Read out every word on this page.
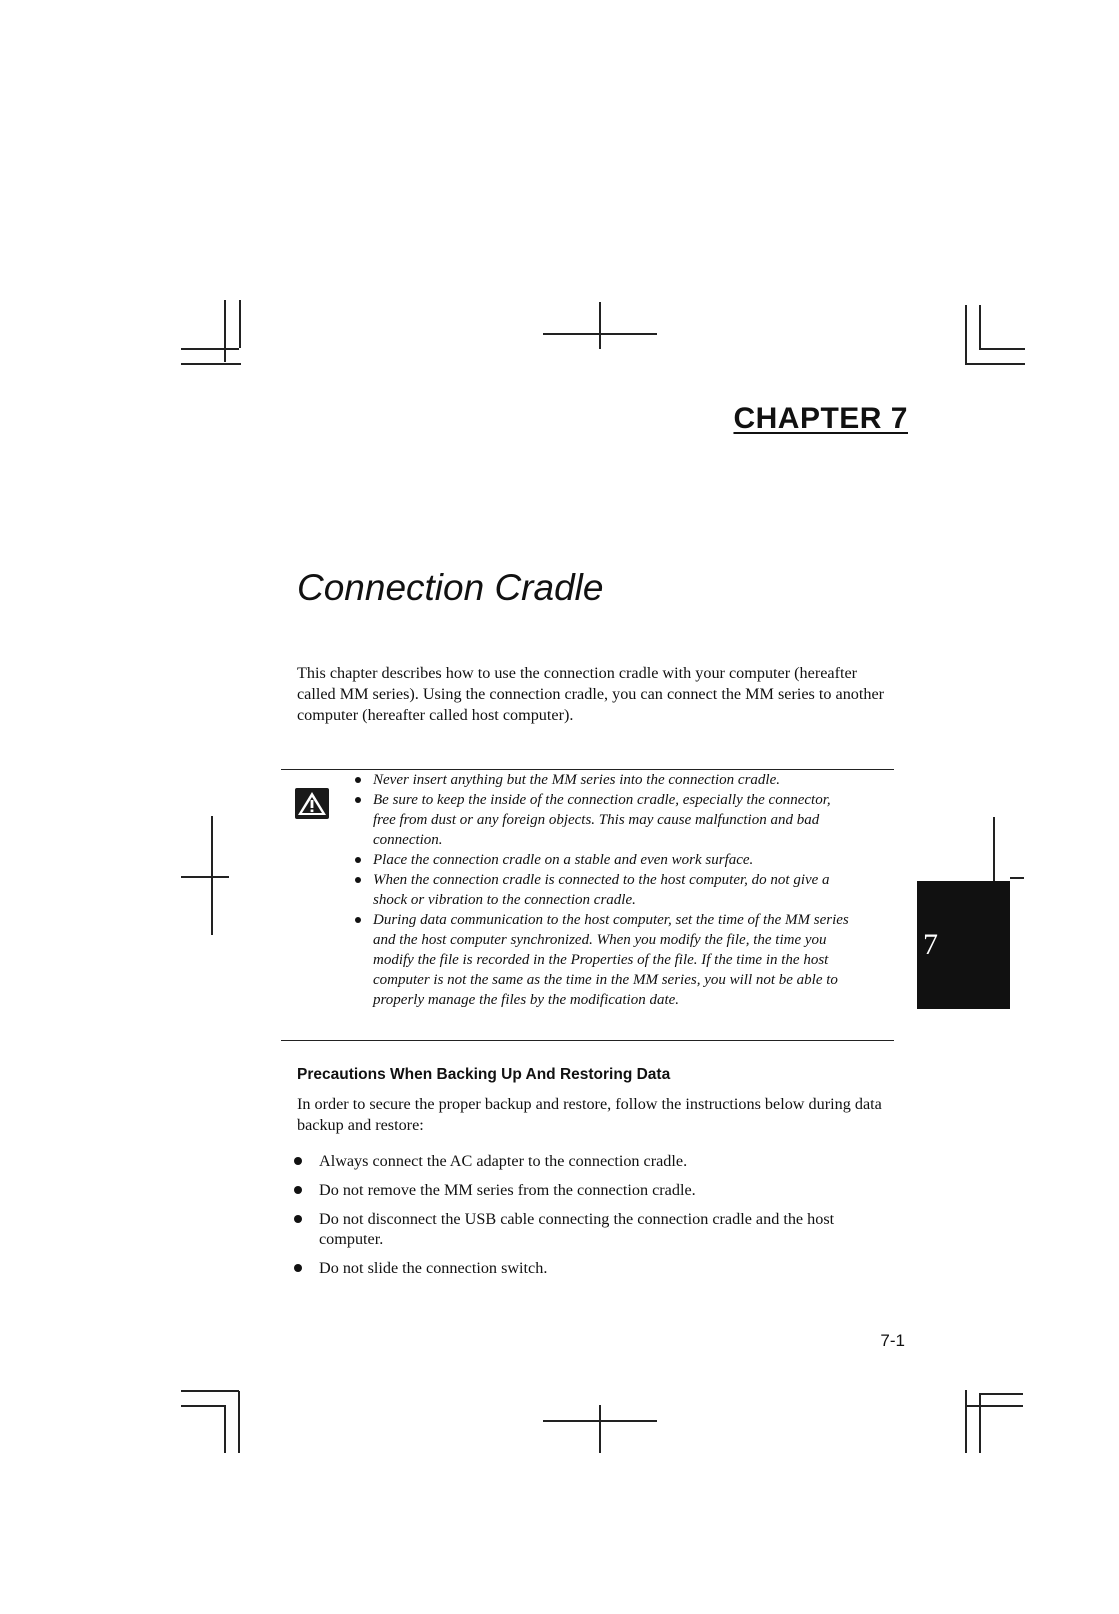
CHAPTER 7
Connection Cradle

This chapter describes how to use the connection cradle with your computer (hereafter called MM series). Using the connection cradle, you can connect the MM series to another computer (hereafter called host computer).

Never insert anything but the MM series into the connection cradle.
Be sure to keep the inside of the connection cradle, especially the connector, free from dust or any foreign objects. This may cause malfunction and bad connection.
Place the connection cradle on a stable and even work surface.
When the connection cradle is connected to the host computer, do not give a shock or vibration to the connection cradle.
During data communication to the host computer, set the time of the MM series and the host computer synchronized. When you modify the file, the time you modify the file is recorded in the Properties of the file. If the time in the host computer is not the same as the time in the MM series, you will not be able to properly manage the files by the modification date.
7
Precautions When Backing Up And Restoring Data

In order to secure the proper backup and restore, follow the instructions below during data backup and restore:

Always connect the AC adapter to the connection cradle.
Do not remove the MM series from the connection cradle.
Do not disconnect the USB cable connecting the connection cradle and the host computer.
Do not slide the connection switch.
7-1
